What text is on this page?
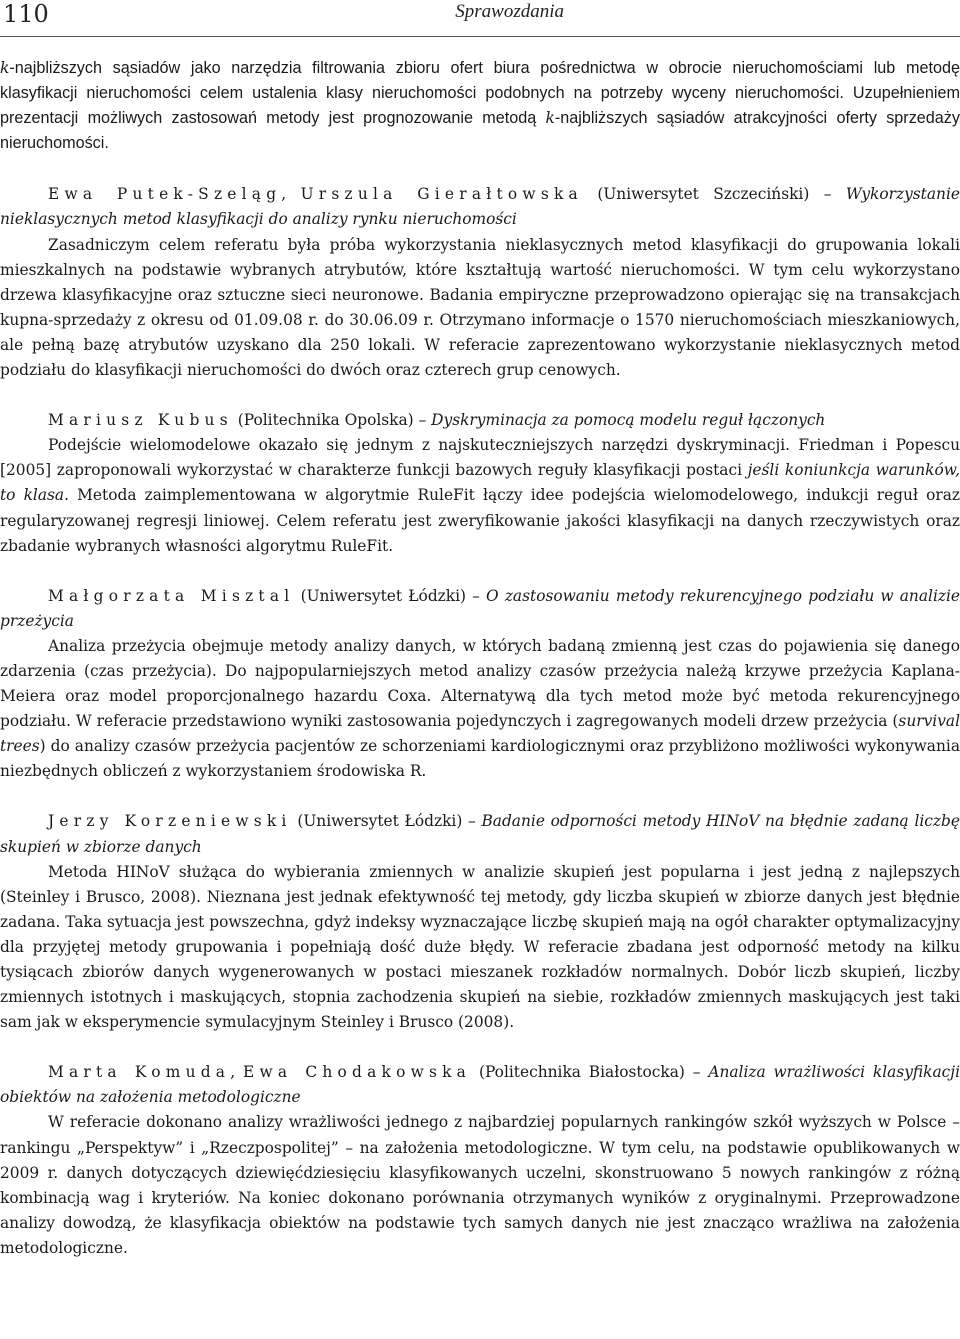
110	Sprawozdania

k-najbliższych sąsiadów jako narzędzia filtrowania zbioru ofert biura pośrednictwa w obrocie nieruchomościami lub metodę klasyfikacji nieruchomości celem ustalenia klasy nieruchomości podobnych na potrzeby wyceny nieruchomości. Uzupełnieniem prezentacji możliwych zastosowań metody jest prognozowanie metodą k-najbliższych sąsiadów atrakcyjności oferty sprzedaży nieruchomości.

Ewa Putek-Szeląg, Urszula Gierałtowska (Uniwersytet Szczeciński) – Wykorzystanie nieklasycznych metod klasyfikacji do analizy rynku nieruchomości

Zasadniczym celem referatu była próba wykorzystania nieklasycznych metod klasyfikacji do grupowania lokali mieszkalnych na podstawie wybranych atrybutów, które kształtują wartość nieruchomości. W tym celu wykorzystano drzewa klasyfikacyjne oraz sztuczne sieci neuronowe. Badania empiryczne przeprowadzono opierając się na transakcjach kupna-sprzedaży z okresu od 01.09.08 r. do 30.06.09 r. Otrzymano informacje o 1570 nieruchomościach mieszkaniowych, ale pełną bazę atrybutów uzyskano dla 250 lokali. W referacie zaprezentowano wykorzystanie nieklasycznych metod podziału do klasyfikacji nieruchomości do dwóch oraz czterech grup cenowych.

Mariusz Kubus (Politechnika Opolska) – Dyskryminacja za pomocą modelu reguł łączonych

Podejście wielomodelowe okazało się jednym z najskuteczniejszych narzędzi dyskryminacji. Friedman i Popescu [2005] zaproponowali wykorzystać w charakterze funkcji bazowych reguły klasyfikacji postaci jeśli koniunkcja warunków, to klasa. Metoda zaimplementowana w algorytmie RuleFit łączy idee podejścia wielomodelowego, indukcji reguł oraz regularyzowanej regresji liniowej. Celem referatu jest zweryfikowanie jakości klasyfikacji na danych rzeczywistych oraz zbadanie wybranych własności algorytmu RuleFit.

Małgorzata Misztal (Uniwersytet Łódzki) – O zastosowaniu metody rekurencyjnego podziału w analizie przeżycia

Analiza przeżycia obejmuje metody analizy danych, w których badaną zmienną jest czas do pojawienia się danego zdarzenia (czas przeżycia). Do najpopularniejszych metod analizy czasów przeżycia należą krzywe przeżycia Kaplana-Meiera oraz model proporcjonalnego hazardu Coxa. Alternatywą dla tych metod może być metoda rekurencyjnego podziału. W referacie przedstawiono wyniki zastosowania pojedynczych i zagregowanych modeli drzew przeżycia (survival trees) do analizy czasów przeżycia pacjentów ze schorzeniami kardiologicznymi oraz przybliżono możliwości wykonywania niezbędnych obliczeń z wykorzystaniem środowiska R.

Jerzy Korzeniewski (Uniwersytet Łódzki) – Badanie odporności metody HINoV na błędnie zadaną liczbę skupień w zbiorze danych

Metoda HINoV służąca do wybierania zmiennych w analizie skupień jest popularna i jest jedną z najlepszych (Steinley i Brusco, 2008). Nieznana jest jednak efektywność tej metody, gdy liczba skupień w zbiorze danych jest błędnie zadana. Taka sytuacja jest powszechna, gdyż indeksy wyznaczające liczbę skupień mają na ogół charakter optymalizacyjny dla przyjętej metody grupowania i popełniają dość duże błędy. W referacie zbadana jest odporność metody na kilku tysiącach zbiorów danych wygenerowanych w postaci mieszanek rozkładów normalnych. Dobór liczb skupień, liczby zmiennych istotnych i maskujących, stopnia zachodzenia skupień na siebie, rozkładów zmiennych maskujących jest taki sam jak w eksperymencie symulacyjnym Steinley i Brusco (2008).

Marta Komuda, Ewa Chodakowska (Politechnika Białostocka) – Analiza wrażliwości klasyfikacji obiektów na założenia metodologiczne

W referacie dokonano analizy wrażliwości jednego z najbardziej popularnych rankingów szkół wyższych w Polsce – rankingu „Perspektyw” i „Rzeczpospolitej” – na założenia metodologiczne. W tym celu, na podstawie opublikowanych w 2009 r. danych dotyczących dziewięćdziesięciu klasyfikowanych uczelni, skonstruowano 5 nowych rankingów z różną kombinacją wag i kryteriów. Na koniec dokonano porównania otrzymanych wyników z oryginalnymi. Przeprowadzone analizy dowodzą, że klasyfikacja obiektów na podstawie tych samych danych nie jest znacząco wrażliwa na założenia metodologiczne.
